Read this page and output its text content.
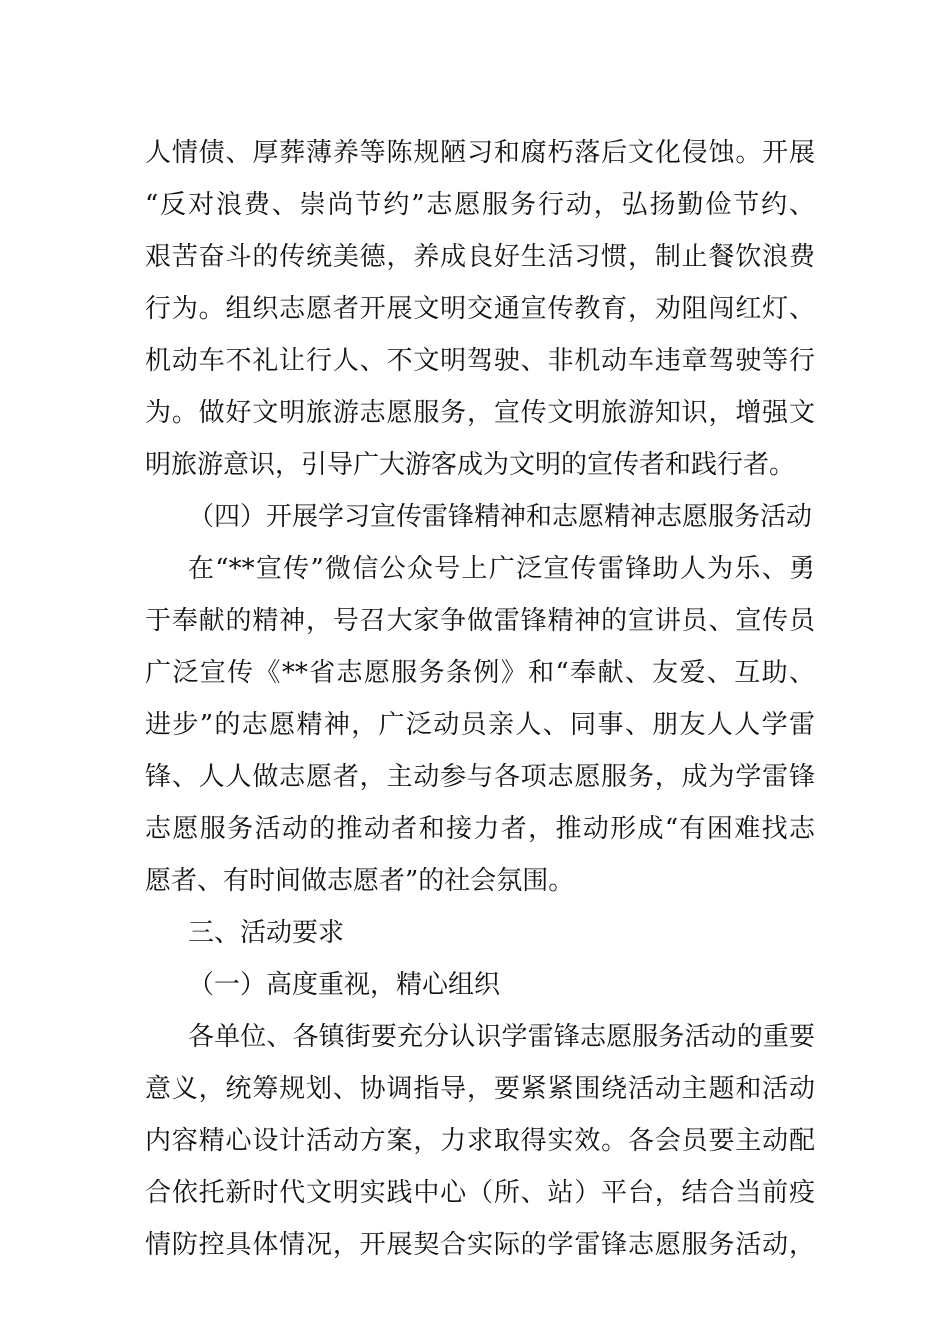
人情债、厚葬薄养等陈规陋习和腐朽落后文化侵蚀。开展
“反对浪费、崇尚节约”志愿服务行动，弘扬勤俭节约、
艰苦奋斗的传统美德，养成良好生活习惯，制止餐饮浪费
行为。组织志愿者开展文明交通宣传教育，劝阻闯红灯、
机动车不礼让行人、不文明驾驶、非机动车违章驾驶等行
为。做好文明旅游志愿服务，宣传文明旅游知识，增强文
明旅游意识，引导广大游客成为文明的宣传者和践行者。
（四）开展学习宣传雷锋精神和志愿精神志愿服务活动
在“**宣传”微信公众号上广泛宣传雷锋助人为乐、勇
于奉献的精神，号召大家争做雷锋精神的宣讲员、宣传员
广泛宣传《**省志愿服务条例》和“奉献、友爱、互助、
进步”的志愿精神，广泛动员亲人、同事、朋友人人学雷
锋、人人做志愿者，主动参与各项志愿服务，成为学雷锋
志愿服务活动的推动者和接力者，推动形成“有困难找志
愿者、有时间做志愿者”的社会氛围。
三、活动要求
（一）高度重视，精心组织
各单位、各镇街要充分认识学雷锋志愿服务活动的重要
意义，统筹规划、协调指导，要紧紧围绕活动主题和活动
内容精心设计活动方案，力求取得实效。各会员要主动配
合依托新时代文明实践中心（所、站）平台，结合当前疫
情防控具体情况，开展契合实际的学雷锋志愿服务活动，
